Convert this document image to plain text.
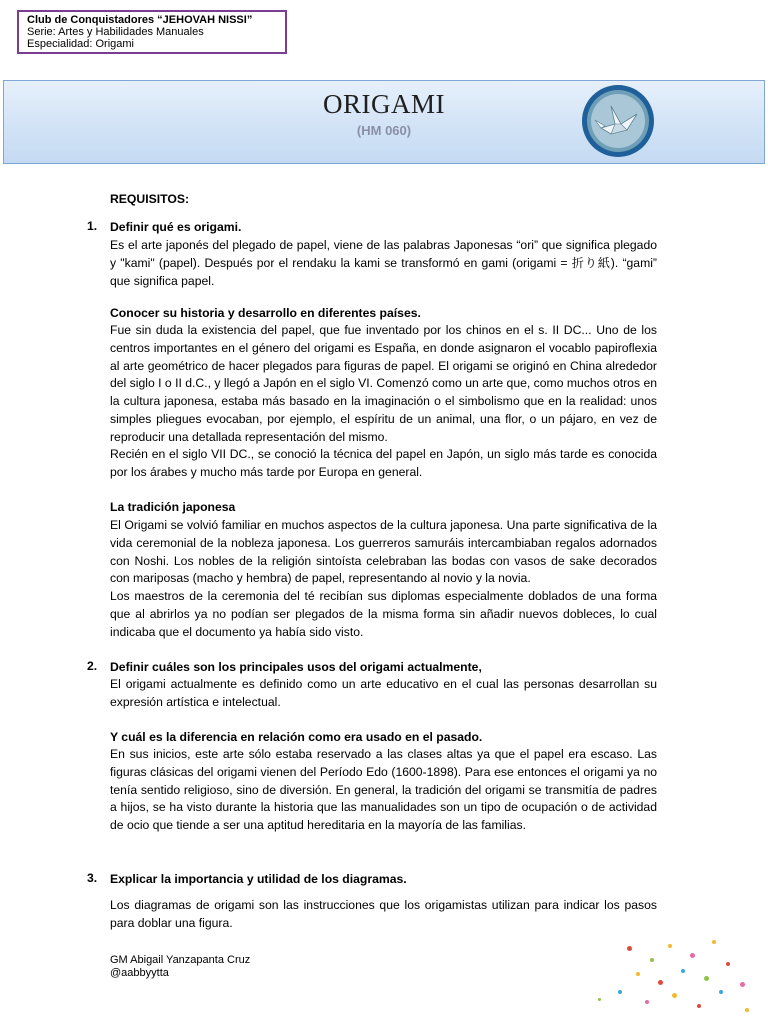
Club de Conquistadores “JEHOVAH NISSI”
Serie: Artes y Habilidades Manuales
Especialidad: Origami
ORIGAMI
(HM 060)
REQUISITOS:
1. Definir qué es origami.
Es el arte japonés del plegado de papel, viene de las palabras Japonesas “ori” que significa plegado y "kami" (papel). Después por el rendaku la kami se transformó en gami (origami = 折り紙). “gami” que significa papel.
Conocer su historia y desarrollo en diferentes países.
Fue sin duda la existencia del papel, que fue inventado por los chinos en el s. II DC... Uno de los centros importantes en el género del origami es España, en donde asignaron el vocablo papiroflexia al arte geométrico de hacer plegados para figuras de papel. El origami se originó en China alrededor del siglo I o II d.C., y llegó a Japón en el siglo VI. Comenzó como un arte que, como muchos otros en la cultura japonesa, estaba más basado en la imaginación o el simbolismo que en la realidad: unos simples pliegues evocaban, por ejemplo, el espíritu de un animal, una flor, o un pájaro, en vez de reproducir una detallada representación del mismo.
Recién en el siglo VII DC., se conoció la técnica del papel en Japón, un siglo más tarde es conocida por los árabes y mucho más tarde por Europa en general.
La tradición japonesa
El Origami se volvió familiar en muchos aspectos de la cultura japonesa. Una parte significativa de la vida ceremonial de la nobleza japonesa. Los guerreros samuráis intercambiaban regalos adornados con Noshi. Los nobles de la religión sintoísta celebraban las bodas con vasos de sake decorados con mariposas (macho y hembra) de papel, representando al novio y la novia.
Los maestros de la ceremonia del té recibían sus diplomas especialmente doblados de una forma que al abrirlos ya no podían ser plegados de la misma forma sin añadir nuevos dobleces, lo cual indicaba que el documento ya había sido visto.
2. Definir cuáles son los principales usos del origami actualmente,
El origami actualmente es definido como un arte educativo en el cual las personas desarrollan su expresión artística e intelectual.
Y cuál es la diferencia en relación como era usado en el pasado.
En sus inicios, este arte sólo estaba reservado a las clases altas ya que el papel era escaso. Las figuras clásicas del origami vienen del Período Edo (1600-1898). Para ese entonces el origami ya no tenía sentido religioso, sino de diversión. En general, la tradición del origami se transmitía de padres a hijos, se ha visto durante la historia que las manualidades son un tipo de ocupación o de actividad de ocio que tiende a ser una aptitud hereditaria en la mayoría de las familias.
3. Explicar la importancia y utilidad de los diagramas.
Los diagramas de origami son las instrucciones que los origamistas utilizan para indicar los pasos para doblar una figura.
GM Abigail Yanzapanta Cruz
@aabbyytta
